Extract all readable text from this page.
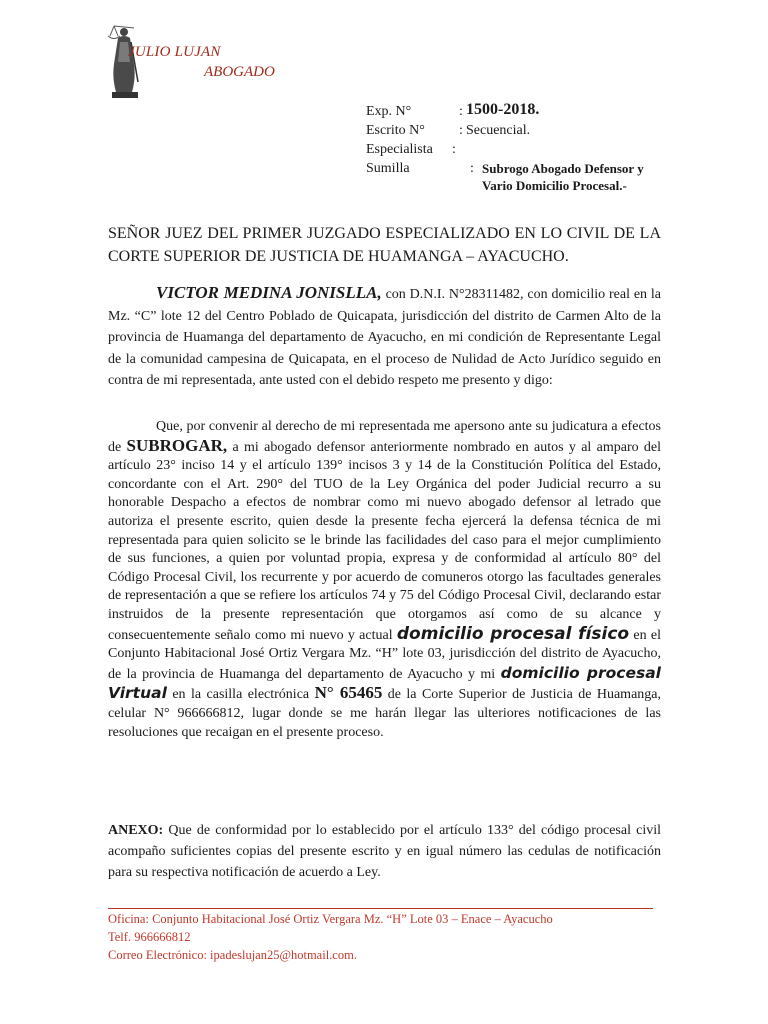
JULIO LUJAN
ABOGADO
Exp. N°	: 1500-2018.
Escrito N° : Secuencial.
Especialista :
Sumilla	: Subrogo Abogado Defensor y
Vario Domicilio Procesal.-
SEÑOR JUEZ DEL PRIMER JUZGADO ESPECIALIZADO EN LO CIVIL DE LA CORTE SUPERIOR DE JUSTICIA DE HUAMANGA – AYACUCHO.
VICTOR MEDINA JONISLLA, con D.N.I. N°28311482, con domicilio real en la Mz. “C” lote 12 del Centro Poblado de Quicapata, jurisdicción del distrito de Carmen Alto de la provincia de Huamanga del departamento de Ayacucho, en mi condición de Representante Legal de la comunidad campesina de Quicapata, en el proceso de Nulidad de Acto Jurídico seguido en contra de mi representada, ante usted con el debido respeto me presento y digo:
Que, por convenir al derecho de mi representada me apersono ante su judicatura a efectos de SUBROGAR, a mi abogado defensor anteriormente nombrado en autos y al amparo del artículo 23° inciso 14 y el artículo 139° incisos 3 y 14 de la Constitución Política del Estado, concordante con el Art. 290° del TUO de la Ley Orgánica del poder Judicial recurro a su honorable Despacho a efectos de nombrar como mi nuevo abogado defensor al letrado que autoriza el presente escrito, quien desde la presente fecha ejercerá la defensa técnica de mi representada para quien solicito se le brinde las facilidades del caso para el mejor cumplimiento de sus funciones, a quien por voluntad propia, expresa y de conformidad al artículo 80° del Código Procesal Civil, los recurrente y por acuerdo de comuneros otorgo las facultades generales de representación a que se refiere los artículos 74 y 75 del Código Procesal Civil, declarando estar instruidos de la presente representación que otorgamos así como de su alcance y consecuentemente señalo como mi nuevo y actual domicilio procesal físico en el Conjunto Habitacional José Ortiz Vergara Mz. “H” lote 03, jurisdicción del distrito de Ayacucho, de la provincia de Huamanga del departamento de Ayacucho y mi domicilio procesal Virtual en la casilla electrónica N° 65465 de la Corte Superior de Justicia de Huamanga, celular N° 966666812, lugar donde se me harán llegar las ulteriores notificaciones de las resoluciones que recaigan en el presente proceso.
ANEXO: Que de conformidad por lo establecido por el artículo 133° del código procesal civil acompaño suficientes copias del presente escrito y en igual número las cedulas de notificación para su respectiva notificación de acuerdo a Ley.
Oficina: Conjunto Habitacional José Ortiz Vergara Mz. “H” Lote 03 – Enace – Ayacucho
Telf. 966666812
Correo Electrónico: ipadeslujan25@hotmail.com.
